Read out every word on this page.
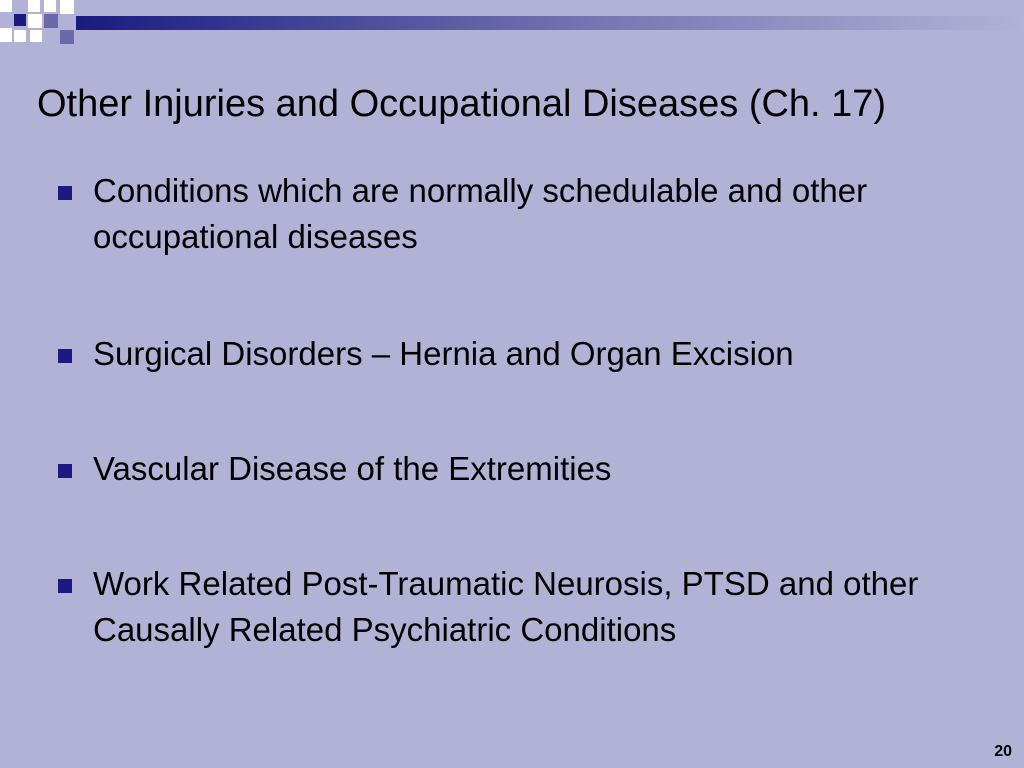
Other Injuries and Occupational Diseases (Ch. 17)
Conditions which are normally schedulable and other occupational diseases
Surgical Disorders – Hernia and Organ Excision
Vascular Disease of the Extremities
Work Related Post-Traumatic Neurosis, PTSD and other Causally Related Psychiatric Conditions
20
